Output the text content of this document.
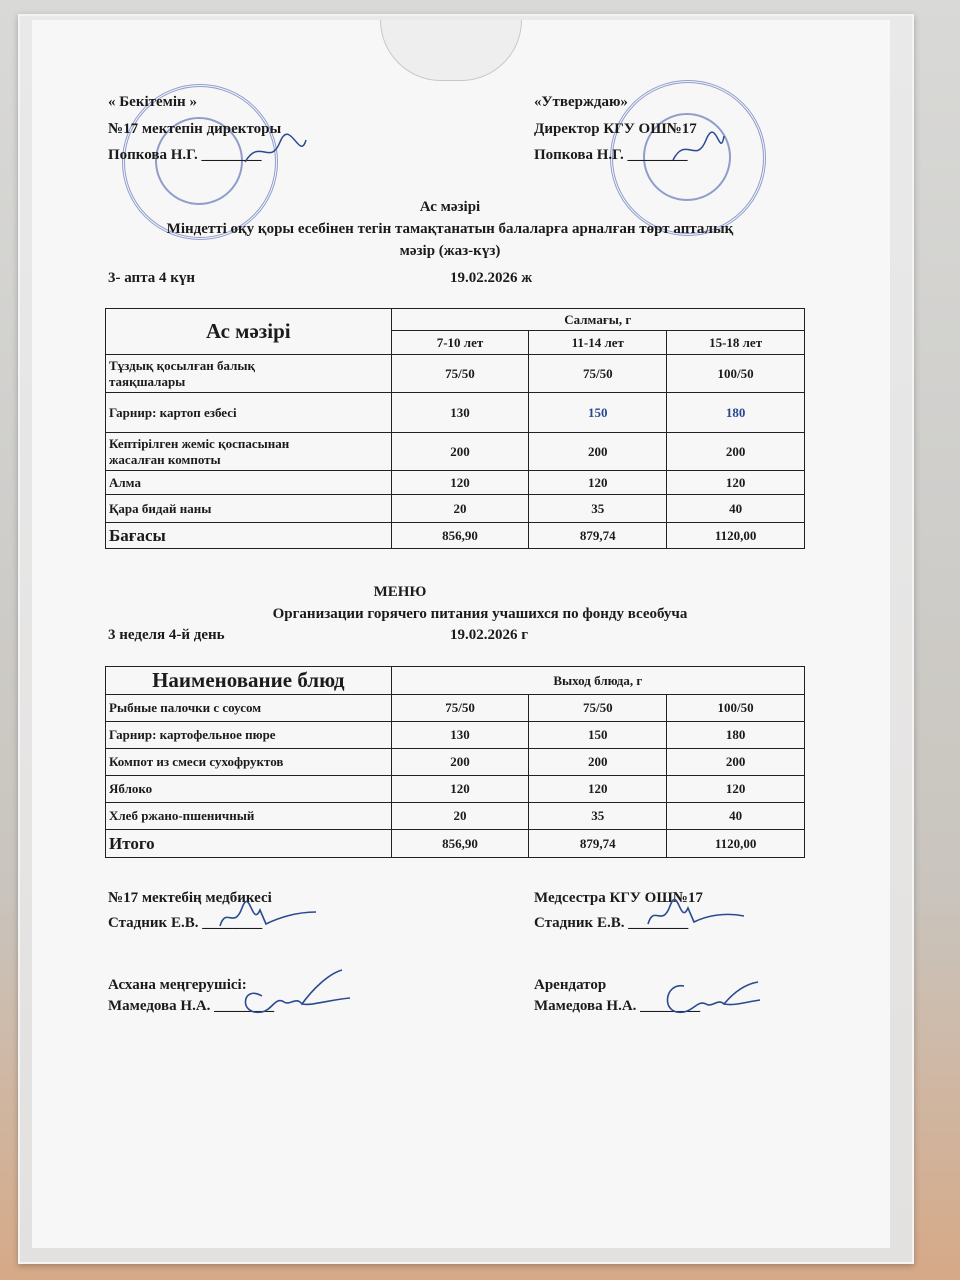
« Бекітемін »
№17 мектепін директоры
Попкова Н.Г. ________
«Утверждаю»
Директор КГУ ОШ№17
Попкова Н.Г. ________
Ас мәзірі
Міндетті оқу қоры есебінен тегін тамақтанатын балаларға арналған төрт апталық
мәзір (жаз-күз)
3- апта 4 күн	19.02.2026 ж
Ас мәзірі	Салмағы, г		
	7-10 лет	11-14 лет	15-18 лет
Тұздық қосылған балық
таяқшалары	75/50	75/50	100/50
Гарнир: картоп езбесі	130	150	180
Кептірілген жеміс қоспасынан
жасалған компоты	200	200	200
Алма	120	120	120
Қара бидай наны	20	35	40
Бағасы	856,90	879,74	1120,00
МЕНЮ
Организации горячего питания учашихся по фонду всеобуча
3 неделя 4-й день	19.02.2026 г
Наименование блюд	Выход блюда, г		
Рыбные палочки с соусом	75/50	75/50	100/50
Гарнир: картофельное пюре	130	150	180
Компот из смеси сухофруктов	200	200	200
Яблоко	120	120	120
Хлеб ржано-пшеничный	20	35	40
Итого	856,90	879,74	1120,00
№17 мектебің медбикесі
Стадник Е.В. ________
Асхана меңгерушісі:
Мамедова Н.А. ________
Медсестра КГУ ОШ№17
Стадник Е.В. ________
Арендатор
Мамедова Н.А. ________
